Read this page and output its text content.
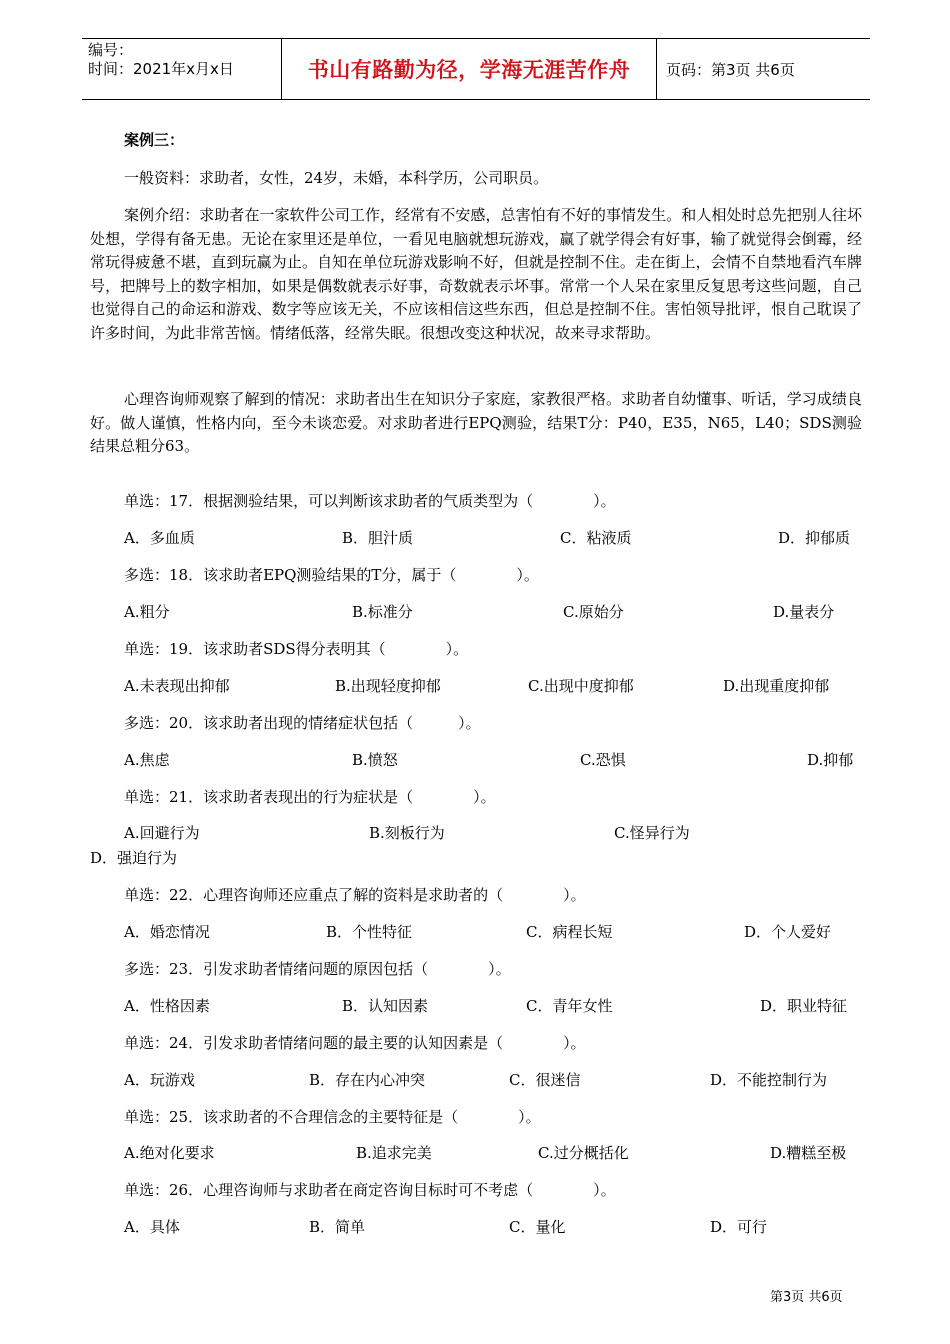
编号：
时间：2021年x月x日	书山有路勤为径，学海无涯苦作舟	页码：第3页 共6页
案例三：
一般资料：求助者，女性，24岁，未婚，本科学历，公司职员。
案例介绍：求助者在一家软件公司工作，经常有不安感，总害怕有不好的事情发生。和人相处时总先把别人往坏处想，学得有备无患。无论在家里还是单位，一看见电脑就想玩游戏，赢了就学得会有好事，输了就觉得会倒霉，经常玩得疲惫不堪，直到玩赢为止。自知在单位玩游戏影响不好，但就是控制不住。走在街上，会情不自禁地看汽车牌号，把牌号上的数字相加，如果是偶数就表示好事，奇数就表示坏事。常常一个人呆在家里反复思考这些问题，自己也觉得自己的命运和游戏、数字等应该无关，不应该相信这些东西，但总是控制不住。害怕领导批评，恨自己耽误了许多时间，为此非常苦恼。情绪低落，经常失眠。很想改变这种状况，故来寻求帮助。
心理咨询师观察了解到的情况：求助者出生在知识分子家庭，家教很严格。求助者自幼懂事、听话，学习成绩良好。做人谨慎，性格内向，至今未谈恋爱。对求助者进行EPQ测验，结果T分：P40，E35，N65，L40；SDS测验结果总粗分63。
单选：17．根据测验结果，可以判断该求助者的气质类型为（　　　　）。
A．多血质	B．胆汁质	C．粘液质	D．抑郁质
多选：18．该求助者EPQ测验结果的T分，属于（　　　　）。
A.粗分	B.标准分	C.原始分	D.量表分
单选：19．该求助者SDS得分表明其（　　　　）。
A.未表现出抑郁	B.出现轻度抑郁	C.出现中度抑郁	D.出现重度抑郁
多选：20．该求助者出现的情绪症状包括（　　　）。
A.焦虑	B.愤怒	C.恐惧	D.抑郁
单选：21．该求助者表现出的行为症状是（　　　　）。
A.回避行为	B.刻板行为	C.怪异行为
D．强迫行为
单选：22．心理咨询师还应重点了解的资料是求助者的（　　　　）。
A．婚恋情况	B．个性特征	C．病程长短	D．个人爱好
多选：23．引发求助者情绪问题的原因包括（　　　　）。
A．性格因素	B．认知因素	C．青年女性	D．职业特征
单选：24．引发求助者情绪问题的最主要的认知因素是（　　　　）。
A．玩游戏	B．存在内心冲突	C．很迷信	D．不能控制行为
单选：25．该求助者的不合理信念的主要特征是（　　　　）。
A.绝对化要求	B.追求完美	C.过分概括化	D.糟糕至极
单选：26．心理咨询师与求助者在商定咨询目标时可不考虑（　　　　）。
A．具体	B．简单	C．量化	D．可行
第3页 共6页
